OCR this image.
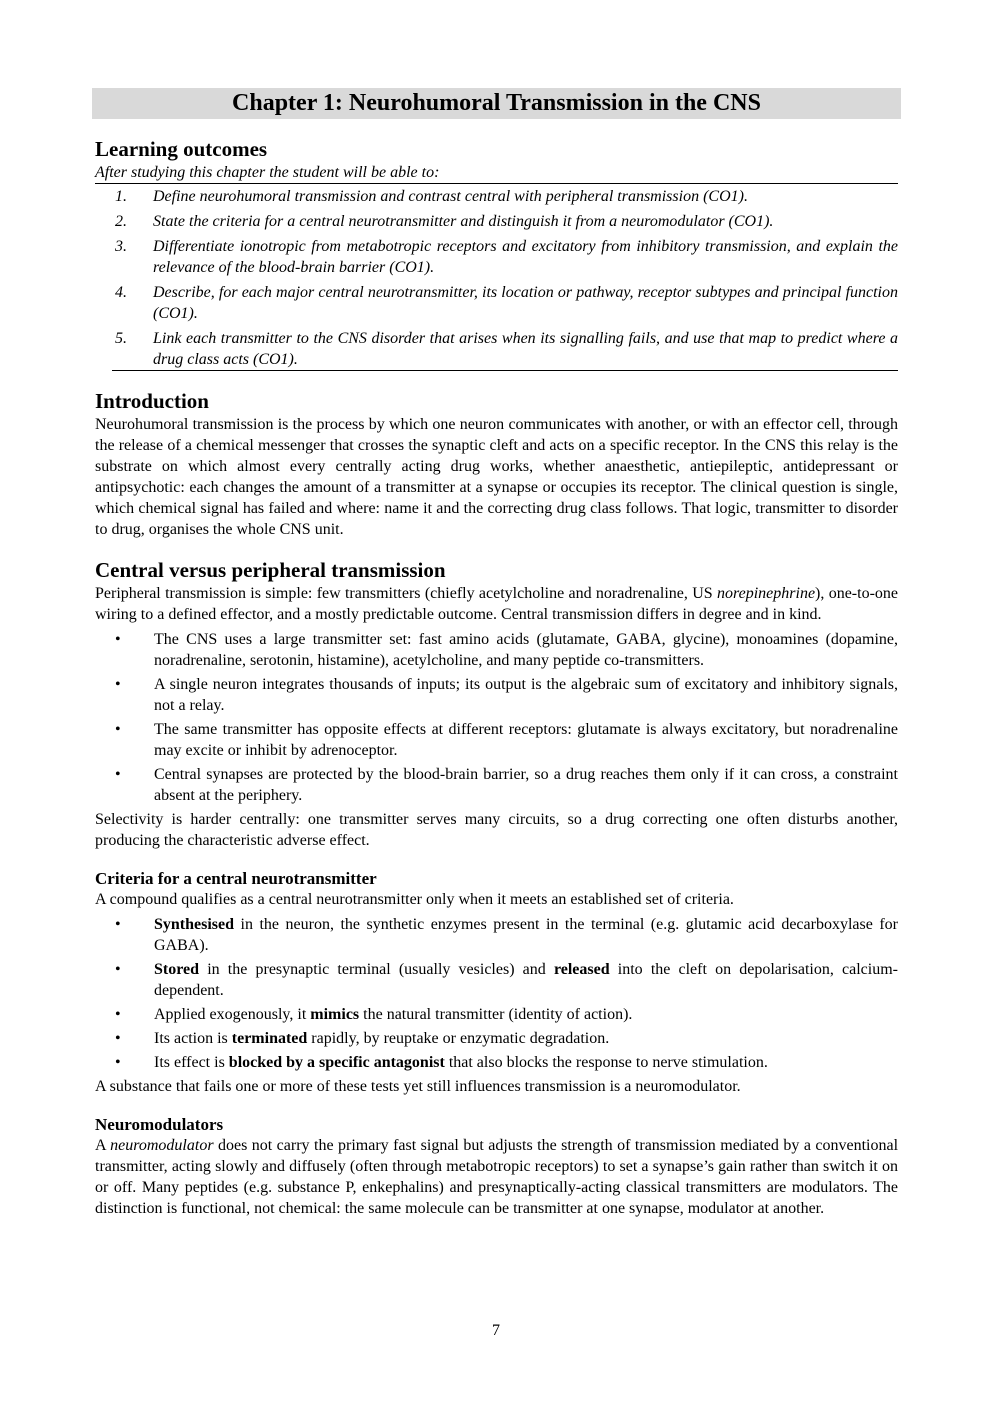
Chapter 1: Neurohumoral Transmission in the CNS
Learning outcomes

After studying this chapter the student will be able to:

1. Define neurohumoral transmission and contrast central with peripheral transmission (CO1).
2. State the criteria for a central neurotransmitter and distinguish it from a neuromodulator (CO1).
3. Differentiate ionotropic from metabotropic receptors and excitatory from inhibitory transmission, and explain the relevance of the blood-brain barrier (CO1).
4. Describe, for each major central neurotransmitter, its location or pathway, receptor subtypes and principal function (CO1).
5. Link each transmitter to the CNS disorder that arises when its signalling fails, and use that map to predict where a drug class acts (CO1).
Introduction

Neurohumoral transmission is the process by which one neuron communicates with another, or with an effector cell, through the release of a chemical messenger that crosses the synaptic cleft and acts on a specific receptor. In the CNS this relay is the substrate on which almost every centrally acting drug works, whether anaesthetic, antiepileptic, antidepressant or antipsychotic: each changes the amount of a transmitter at a synapse or occupies its receptor. The clinical question is single, which chemical signal has failed and where: name it and the correcting drug class follows. That logic, transmitter to disorder to drug, organises the whole CNS unit.

Central versus peripheral transmission

Peripheral transmission is simple: few transmitters (chiefly acetylcholine and noradrenaline, US norepinephrine), one-to-one wiring to a defined effector, and a mostly predictable outcome. Central transmission differs in degree and in kind.

• The CNS uses a large transmitter set: fast amino acids (glutamate, GABA, glycine), monoamines (dopamine, noradrenaline, serotonin, histamine), acetylcholine, and many peptide co-transmitters.
• A single neuron integrates thousands of inputs; its output is the algebraic sum of excitatory and inhibitory signals, not a relay.
• The same transmitter has opposite effects at different receptors: glutamate is always excitatory, but noradrenaline may excite or inhibit by adrenoceptor.
• Central synapses are protected by the blood-brain barrier, so a drug reaches them only if it can cross, a constraint absent at the periphery.

Selectivity is harder centrally: one transmitter serves many circuits, so a drug correcting one often disturbs another, producing the characteristic adverse effect.

Criteria for a central neurotransmitter

A compound qualifies as a central neurotransmitter only when it meets an established set of criteria.

• Synthesised in the neuron, the synthetic enzymes present in the terminal (e.g. glutamic acid decarboxylase for GABA).
• Stored in the presynaptic terminal (usually vesicles) and released into the cleft on depolarisation, calcium-dependent.
• Applied exogenously, it mimics the natural transmitter (identity of action).
• Its action is terminated rapidly, by reuptake or enzymatic degradation.
• Its effect is blocked by a specific antagonist that also blocks the response to nerve stimulation.

A substance that fails one or more of these tests yet still influences transmission is a neuromodulator.

Neuromodulators

A neuromodulator does not carry the primary fast signal but adjusts the strength of transmission mediated by a conventional transmitter, acting slowly and diffusely (often through metabotropic receptors) to set a synapse’s gain rather than switch it on or off. Many peptides (e.g. substance P, enkephalins) and presynaptically-acting classical transmitters are modulators. The distinction is functional, not chemical: the same molecule can be transmitter at one synapse, modulator at another.

7
